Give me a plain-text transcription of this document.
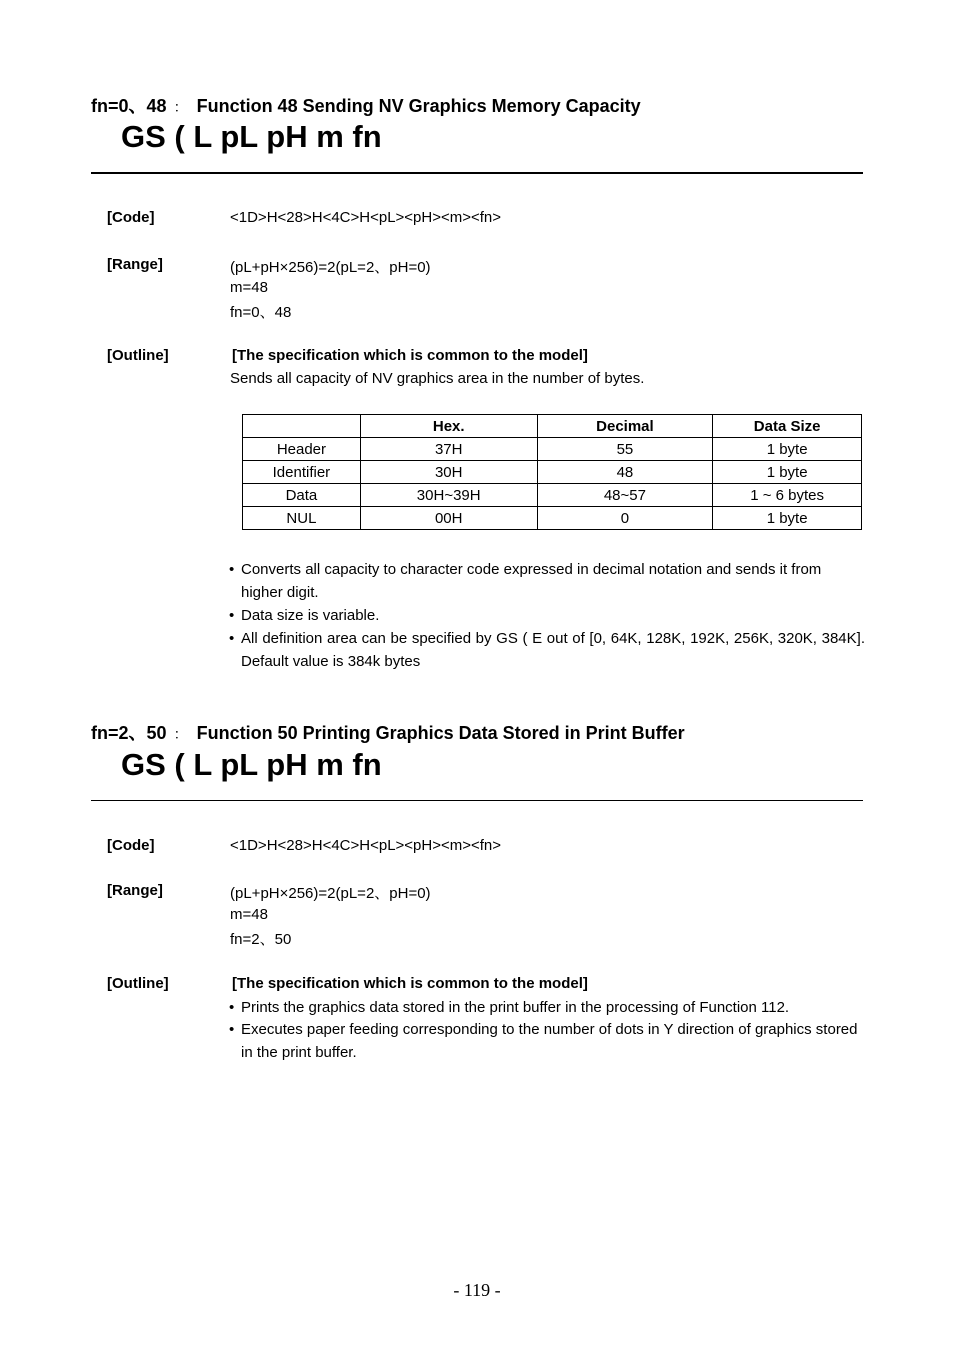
fn=0、48 ： Function 48 Sending NV Graphics Memory Capacity
GS ( L pL pH m fn
[Code]	<1D>H<28>H<4C>H<pL><pH><m><fn>
[Range]	(pL+pH×256)=2(pL=2、pH=0)
m=48
fn=0、48
[Outline]	[The specification which is common to the model]
Sends all capacity of NV graphics area in the number of bytes.
	Hex.	Decimal	Data Size
Header	37H	55	1 byte
Identifier	30H	48	1 byte
Data	30H~39H	48~57	1 ~ 6 bytes
NUL	00H	0	1 byte
• Converts all capacity to character code expressed in decimal notation and sends it from higher digit.
• Data size is variable.
• All definition area can be specified by GS ( E out of [0, 64K, 128K, 192K, 256K, 320K, 384K]. Default value is 384k bytes
fn=2、50 ： Function 50 Printing Graphics Data Stored in Print Buffer
GS ( L pL pH m fn
[Code]	<1D>H<28>H<4C>H<pL><pH><m><fn>
[Range]	(pL+pH×256)=2(pL=2、pH=0)
m=48
fn=2、50
[Outline]	[The specification which is common to the model]
• Prints the graphics data stored in the print buffer in the processing of Function 112.
• Executes paper feeding corresponding to the number of dots in Y direction of graphics stored in the print buffer.
- 119 -
